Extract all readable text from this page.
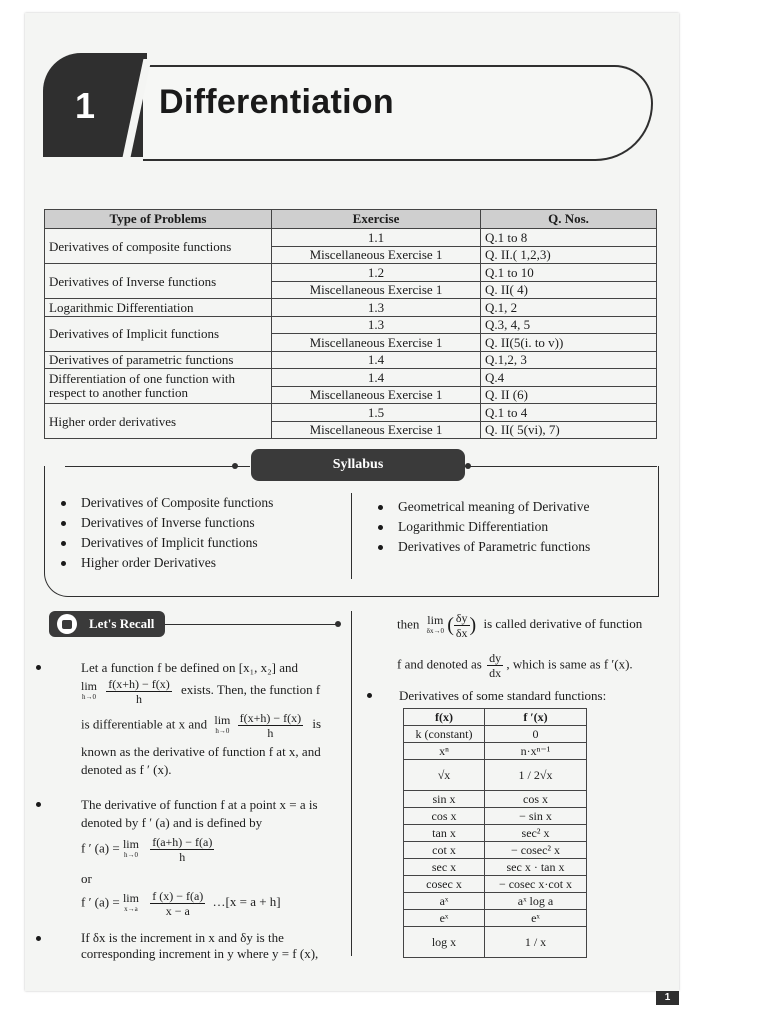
1 Differentiation
Type of Problems	Exercise	Q. Nos.
Derivatives of composite functions	1.1	Q.1 to 8
	Miscellaneous Exercise 1	Q. II.( 1,2,3)
Derivatives of Inverse functions	1.2	Q.1 to 10
	Miscellaneous Exercise 1	Q. II( 4)
Logarithmic Differentiation	1.3	Q.1, 2
Derivatives of Implicit functions	1.3	Q.3, 4, 5
	Miscellaneous Exercise 1	Q. II(5(i. to v))
Derivatives of parametric functions	1.4	Q.1,2, 3
Differentiation of one function with respect to another function	1.4	Q.4
	Miscellaneous Exercise 1	Q. II (6)
Higher order derivatives	1.5	Q.1 to 4
	Miscellaneous Exercise 1	Q. II( 5(vi), 7)
Syllabus
Derivatives of Composite functions
Derivatives of Inverse functions
Derivatives of Implicit functions
Higher order Derivatives
Geometrical meaning of Derivative
Logarithmic Differentiation
Derivatives of Parametric functions
Let's Recall
Let a function f be defined on [x₁, x₂] and
lim
h→0
$\frac{f(x+h) - f(x)}{h}$ exists. Then, the function f
is differentiable at x and lim
h→0
$\frac{f(x+h) - f(x)}{h}$ is
known as the derivative of function f at x, and
denoted as f ′ (x).
The derivative of function f at a point x = a is
denoted by f ′ (a) and is defined by
f ′ (a) = lim
h→0
$\frac{f(a+h) - f(a)}{h}$
or
f ′ (a) = lim
x→a
$\frac{f (x) - f(a)}{x - a}$ …[x = a + h]
If δx is the increment in x and δy is the
corresponding increment in y where y = f (x),
then lim
δx→0 ( $\frac{\delta y}{\delta x}$ ) is called derivative of function
f and denoted as $\frac{dy}{dx}$ , which is same as f ′(x).
Derivatives of some standard functions:
f(x)	f ′(x)
k (constant)	0
xⁿ	n·xⁿ⁻¹
√x	1 / 2√x
sin x	cos x
cos x	− sin x
tan x	sec² x
cot x	− cosec² x
sec x	sec x · tan x
cosec x	− cosec x·cot x
aˣ	aˣ log a
eˣ	eˣ
log x	1 / x
1
